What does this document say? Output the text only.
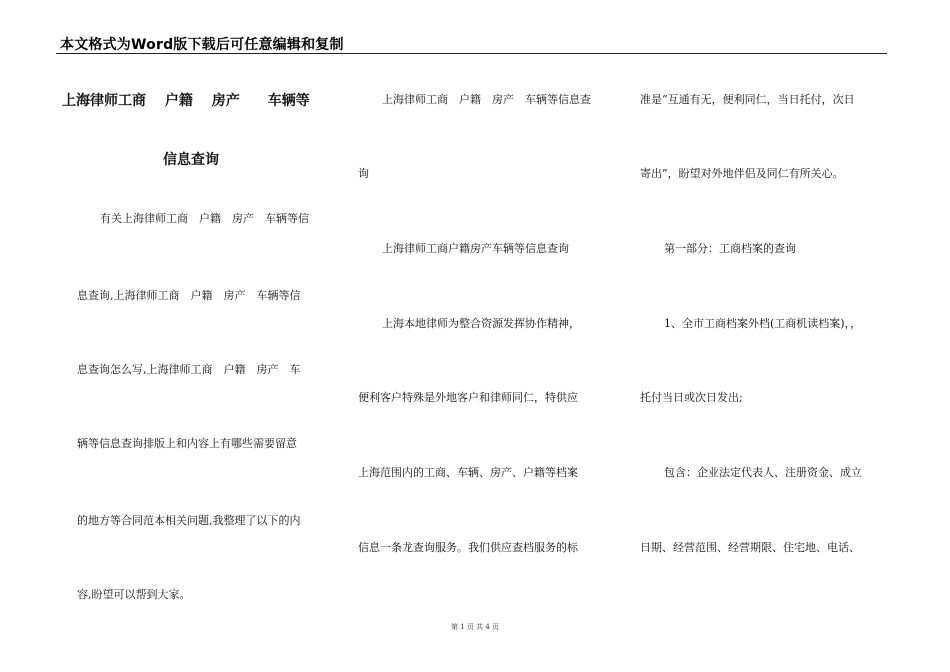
本文格式为Word版下载后可任意编辑和复制
上海律师工商　 户籍　 房产　　车辆等
信息查询
有关上海律师工商　户籍　房产　车辆等信
息查询,上海律师工商　户籍　房产　车辆等信
息查询怎么写,上海律师工商　户籍　房产　车
辆等信息查询排版上和内容上有哪些需要留意
的地方等合同范本相关问题,我整理了以下的内
容,盼望可以帮到大家。
上海律师工商　户籍　房产　车辆等信息查
询
上海律师工商户籍房产车辆等信息查询
上海本地律师为整合资源发挥协作精神，
便利客户特殊是外地客户和律师同仁，特供应
上海范围内的工商、车辆、房产、户籍等档案
信息一条龙查询服务。我们供应查档服务的标
准是“互通有无，便利同仁，当日托付，次日
寄出”，盼望对外地伴侣及同仁有所关心。
第一部分：工商档案的查询
1、全市工商档案外档(工商机读档案)，，
托付当日或次日发出;
包含：企业法定代表人、注册资金、成立
日期、经营范围、经营期限、住宅地、电话、
第 1 页 共 4 页
